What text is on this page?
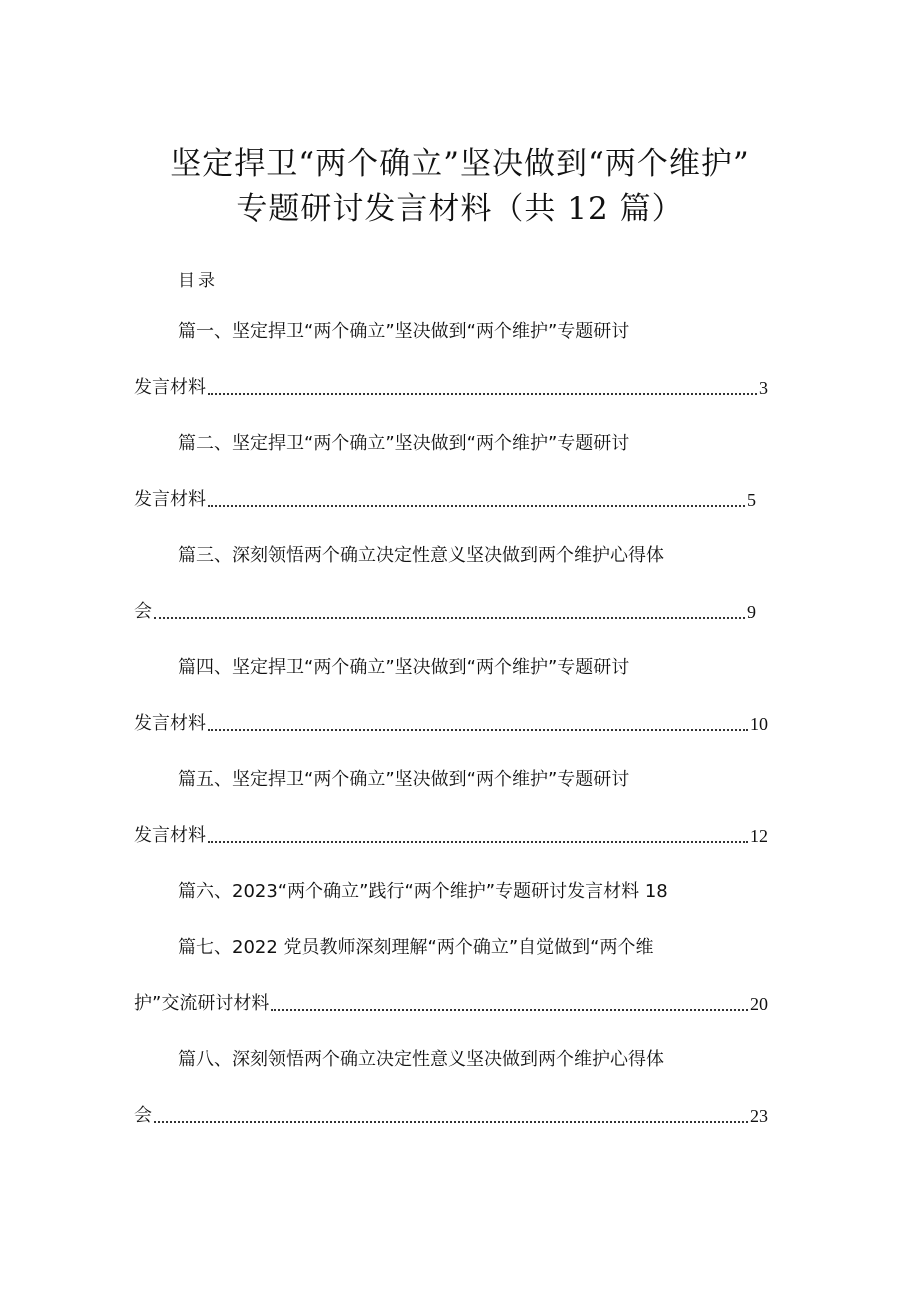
坚定捍卫“两个确立”坚决做到“两个维护”
专题研讨发言材料（共 12 篇）
目录
篇一、坚定捍卫“两个确立”坚决做到“两个维护”专题研讨
发言材料	3
篇二、坚定捍卫“两个确立”坚决做到“两个维护”专题研讨
发言材料	5
篇三、深刻领悟两个确立决定性意义坚决做到两个维护心得体
会	9
篇四、坚定捍卫“两个确立”坚决做到“两个维护”专题研讨
发言材料	10
篇五、坚定捍卫“两个确立”坚决做到“两个维护”专题研讨
发言材料	12
篇六、2023“两个确立”践行“两个维护”专题研讨发言材料 18
篇七、2022 党员教师深刻理解“两个确立”自觉做到“两个维
护”交流研讨材料	20
篇八、深刻领悟两个确立决定性意义坚决做到两个维护心得体
会	23
